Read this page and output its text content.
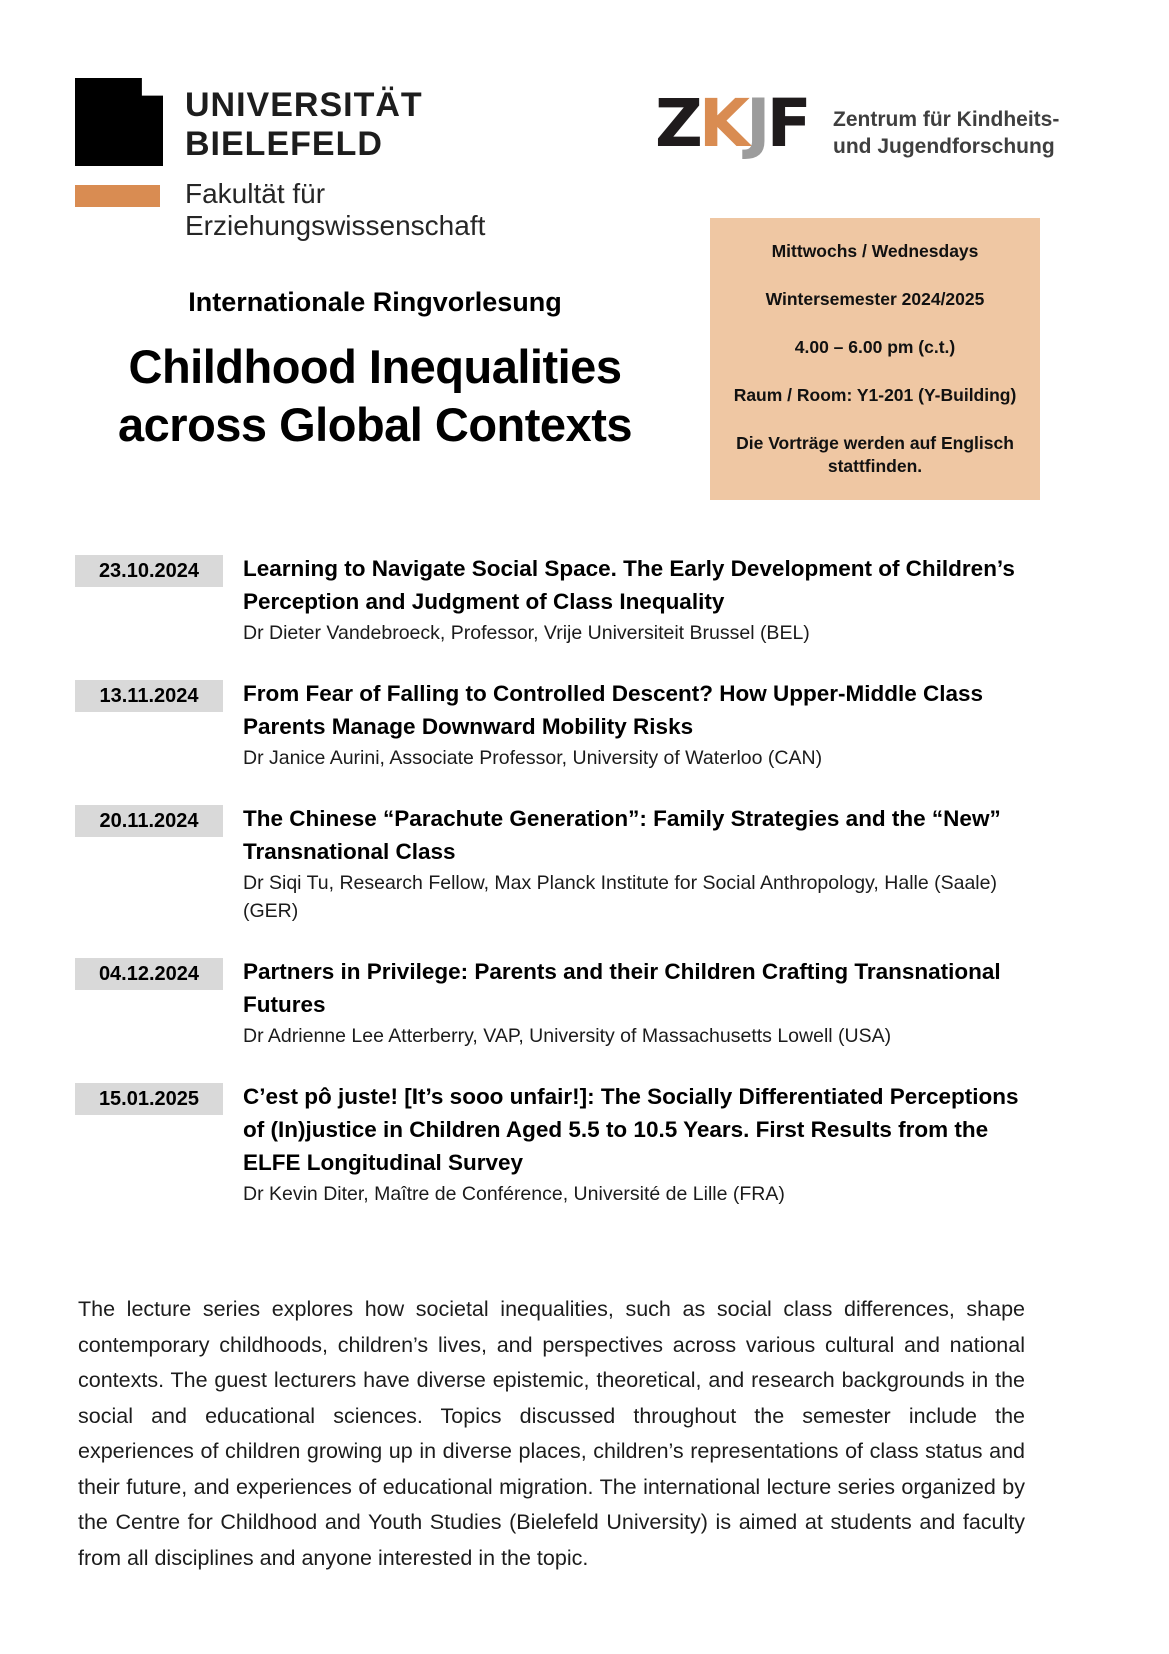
UNIVERSITÄT
BIELEFELD
Fakultät für
Erziehungswissenschaft
ZKJF Zentrum für Kindheits-
und Jugendforschung
Mittwochs / Wednesdays
Wintersemester 2024/2025
4.00 – 6.00 pm (c.t.)
Raum / Room: Y1-201 (Y-Building)
Die Vorträge werden auf Englisch stattfinden.
Internationale Ringvorlesung
Childhood Inequalities
across Global Contexts
23.10.2024	Learning to Navigate Social Space. The Early Development of Children’s Perception and Judgment of Class Inequality
Dr Dieter Vandebroeck, Professor, Vrije Universiteit Brussel (BEL)
13.11.2024	From Fear of Falling to Controlled Descent? How Upper-Middle Class Parents Manage Downward Mobility Risks
Dr Janice Aurini, Associate Professor, University of Waterloo (CAN)
20.11.2024	The Chinese “Parachute Generation”: Family Strategies and the “New” Transnational Class
Dr Siqi Tu, Research Fellow, Max Planck Institute for Social Anthropology, Halle (Saale) (GER)
04.12.2024	Partners in Privilege: Parents and their Children Crafting Transnational Futures
Dr Adrienne Lee Atterberry, VAP, University of Massachusetts Lowell (USA)
15.01.2025	C’est pô juste! [It’s sooo unfair!]: The Socially Differentiated Perceptions of (In)justice in Children Aged 5.5 to 10.5 Years. First Results from the ELFE Longitudinal Survey
Dr Kevin Diter, Maître de Conférence, Université de Lille (FRA)
The lecture series explores how societal inequalities, such as social class differences, shape contemporary childhoods, children’s lives, and perspectives across various cultural and national contexts. The guest lecturers have diverse epistemic, theoretical, and research backgrounds in the social and educational sciences. Topics discussed throughout the semester include the experiences of children growing up in diverse places, children’s representations of class status and their future, and experiences of educational migration. The international lecture series organized by the Centre for Childhood and Youth Studies (Bielefeld University) is aimed at students and faculty from all disciplines and anyone interested in the topic.
